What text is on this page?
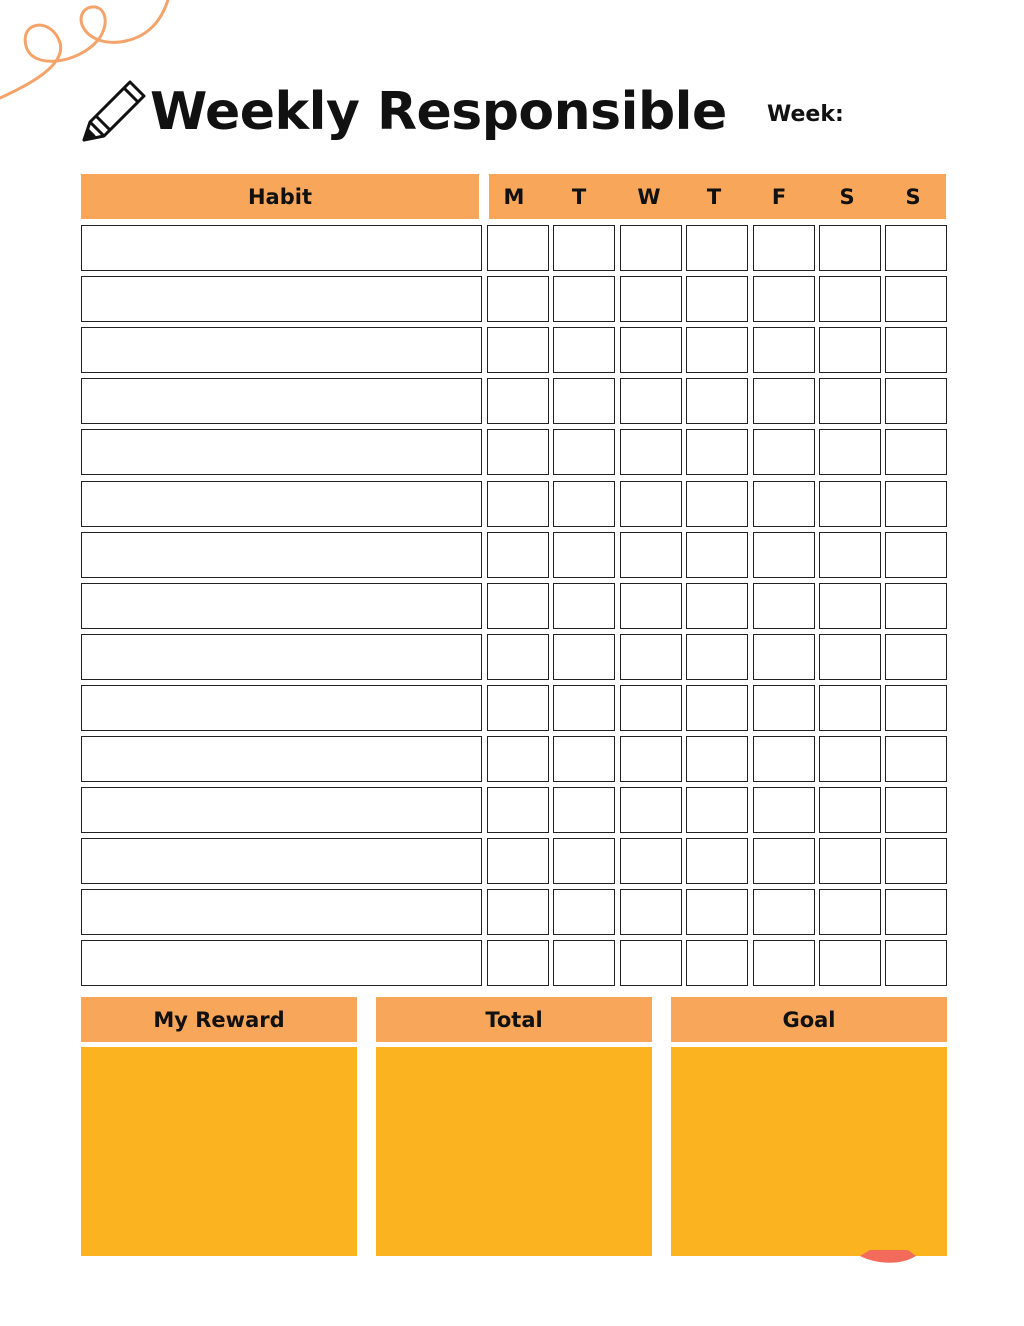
Weekly Responsible Week:
Habit	M	T	W	T	F	S	S
My Reward	Total	Goal
